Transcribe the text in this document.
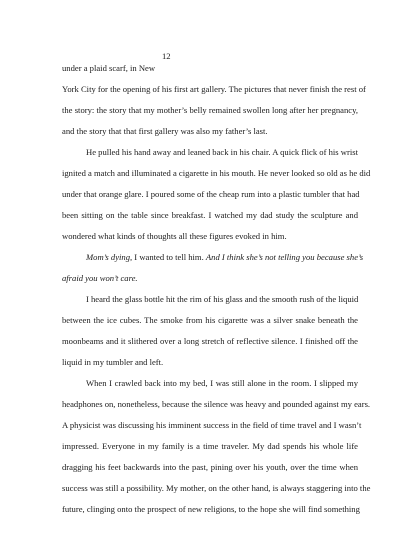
12
under a plaid scarf, in New
York City for the opening of his first art gallery. The pictures that never finish the rest of
the story: the story that my mother’s belly remained swollen long after her pregnancy,
and the story that that first gallery was also my father’s last.
He pulled his hand away and leaned back in his chair. A quick flick of his wrist
ignited a match and illuminated a cigarette in his mouth. He never looked so old as he did
under that orange glare. I poured some of the cheap rum into a plastic tumbler that had
been sitting on the table since breakfast. I watched my dad study the sculpture and
wondered what kinds of thoughts all these figures evoked in him.
Mom’s dying, I wanted to tell him. And I think she’s not telling you because she’s
afraid you won’t care.
I heard the glass bottle hit the rim of his glass and the smooth rush of the liquid
between the ice cubes. The smoke from his cigarette was a silver snake beneath the
moonbeams and it slithered over a long stretch of reflective silence. I finished off the
liquid in my tumbler and left.
When I crawled back into my bed, I was still alone in the room. I slipped my
headphones on, nonetheless, because the silence was heavy and pounded against my ears.
A physicist was discussing his imminent success in the field of time travel and I wasn’t
impressed. Everyone in my family is a time traveler. My dad spends his whole life
dragging his feet backwards into the past, pining over his youth, over the time when
success was still a possibility. My mother, on the other hand, is always staggering into the
future, clinging onto the prospect of new religions, to the hope she will find something
